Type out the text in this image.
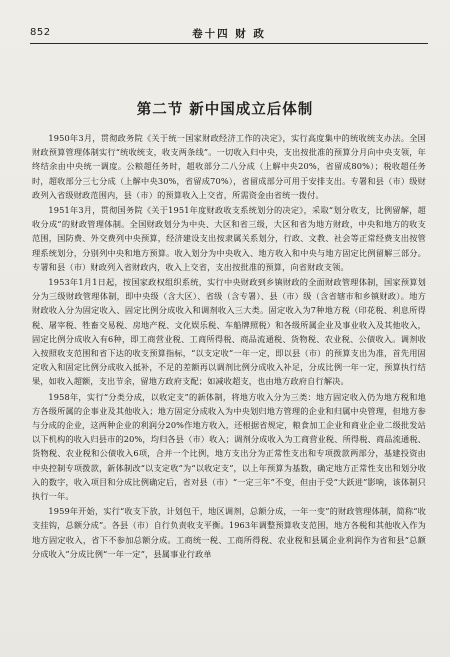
852	卷十四 财 政
第二节 新中国成立后体制

1950年3月，贯彻政务院《关于统一国家财政经济工作的决定》，实行高度集中的统收统支办法。全国财政预算管理体制实行“统收统支，收支两条线”。一切收入归中央，支出按批准的预算分月向中央支领，年终结余由中央统一调度。公粮超任务时，超收部分二八分成（上解中央20%，省留成80%）；税收超任务时，超收部分三七分成（上解中央30%，省留成70%），省留成部分可用于安排支出。专署和县（市）级财政列入省级财政范围内，县（市）的预算收入上交省，所需资金由省统一拨付。

1951年3月，贯彻国务院《关于1951年度财政收支系统划分的决定》，采取“划分收支，比例留解，超收分成”的财政管理体制。全国财政划分为中央、大区和省三级，大区和省为地方财政，中央和地方的收支范围，国防费、外交费列中央预算，经济建设支出按隶属关系划分，行政、文教、社会等正常经费支出按管理系统划分，分别列中央和地方预算。收入划分为中央收入、地方收入和中央与地方固定比例留解三部分。专署和县（市）财政列入省财政内，收入上交省，支出按批准的预算，向省财政支领。

1953年1月1日起，按国家政权组织系统，实行中央财政到乡镇财政的全面财政管理体制，国家预算划分为三级财政管理体制，即中央级（含大区）、省级（含专署）、县（市）级（含省辖市和乡镇财政）。地方财政收入分为固定收入、固定比例分成收入和调剂收入三大类。固定收入为7种地方税（印花税、利息所得税、屠宰税、牲畜交易税、房地产税、文化娱乐税、车船牌照税）和各级所属企业及事业收入及其他收入，固定比例分成收入有6种，即工商营业税、工商所得税、商品流通税、货物税、农业税、公债收入。调剂收入按照收支范围和省下达的收支预算指标，“以支定收”一年一定，即以县（市）的预算支出为准，首先用固定收入和固定比例分成收入抵补，不足的差额再以调剂比例分成收入补足，分成比例一年一定，预算执行结果，如收入超额，支出节余，留地方政府支配；如减收超支，也由地方政府自行解决。

1958年，实行“分类分成，以收定支”的新体制，将地方收入分为三类：地方固定收入仍为地方税和地方各级所属的企事业及其他收入；地方固定分成收入为中央划归地方管理的企业和归属中央管理，但地方参与分成的企业，这两种企业的利润分20%作地方收入，还根据省规定，粮食加工企业和商业企业二级批发站以下机构的收入归县市的20%，均归各县（市）收入；调剂分成收入为工商营业税、所得税、商品流通税、货物税、农业税和公债收入6项，合并一个比例，地方支出分为正常性支出和专项拨款两部分，基建投资由中央控制专项拨款，新体制改“以支定收”为“以收定支”，以上年预算为基数，确定地方正常性支出和划分收入的数字，收入项目和分成比例确定后，省对县（市）“一定三年”不变，但由于受“大跃进”影响，该体制只执行一年。

1959年开始，实行“收支下放，计划包干，地区调剂，总额分成，一年一变”的财政管理体制，简称“收支挂钩，总额分成”。各县（市）自行负责收支平衡。1963年调整预算收支范围，地方各税和其他收入作为地方固定收入，省下不参加总额分成。工商统一税、工商所得税、农业税和县属企业利润作为省和县“总额分成收入”分成比例“一年一定”，县属事业行政单
